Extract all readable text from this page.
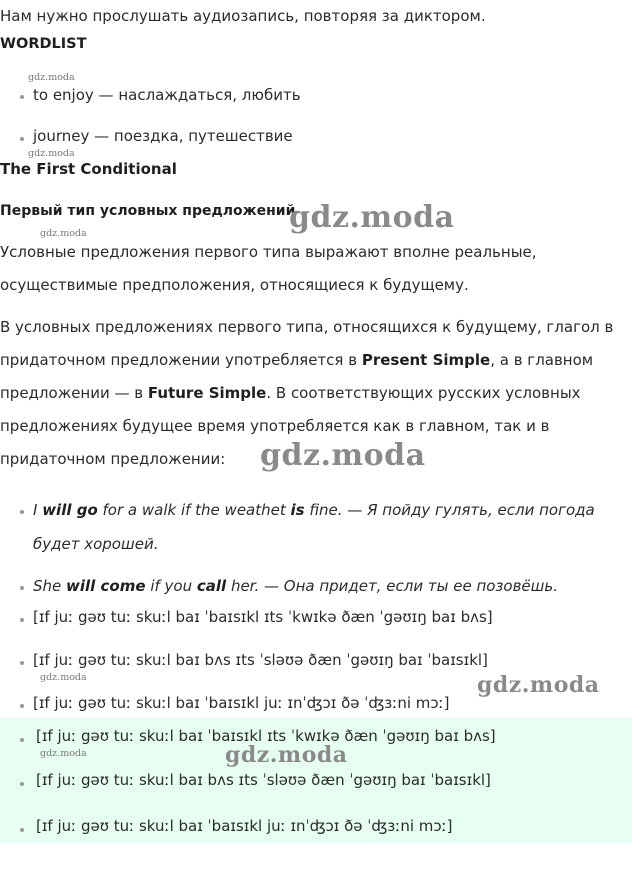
Нам нужно прослушать аудиозапись, повторяя за диктором.
WORDLIST
gdz.moda
to enjoy — наслаждаться, любить
journey — поездка, путешествие
gdz.moda
The First Conditional
Первый тип условных предложений
gdz.moda
gdz.moda
Условные предложения первого типа выражают вполне реальные,
осуществимые предположения, относящиеся к будущему.
В условных предложениях первого типа, относящихся к будущему, глагол в
придаточном предложении употребляется в Present Simple, а в главном
предложении — в Future Simple. В соответствующих русских условных
предложениях будущее время употребляется как в главном, так и в
придаточном предложении: gdz.moda
I will go for a walk if the weathet is fine. — Я пойду гулять, если погода
будет хорошей.
She will come if you call her. — Она придет, если ты ее позовёшь.
[ɪf juː gəʊ tuː skuːl baɪ ˈbaɪsɪkl ɪts ˈkwɪkə ðæn ˈgəʊɪŋ baɪ bʌs]
[ɪf juː gəʊ tuː skuːl baɪ bʌs ɪts ˈsləʊə ðæn ˈgəʊɪŋ baɪ ˈbaɪsɪkl]
gdz.moda
[ɪf juː gəʊ tuː skuːl baɪ ˈbaɪsɪkl juː ɪnˈʤɔɪ ðə ˈʤɜːni mɔː]
gdz.moda
[ɪf juː gəʊ tuː skuːl baɪ ˈbaɪsɪkl ɪts ˈkwɪkə ðæn ˈgəʊɪŋ baɪ bʌs]
gdz.moda	gdz.moda
[ɪf juː gəʊ tuː skuːl baɪ bʌs ɪts ˈsləʊə ðæn ˈgəʊɪŋ baɪ ˈbaɪsɪkl]
[ɪf juː gəʊ tuː skuːl baɪ ˈbaɪsɪkl juː ɪnˈʤɔɪ ðə ˈʤɜːni mɔː]
